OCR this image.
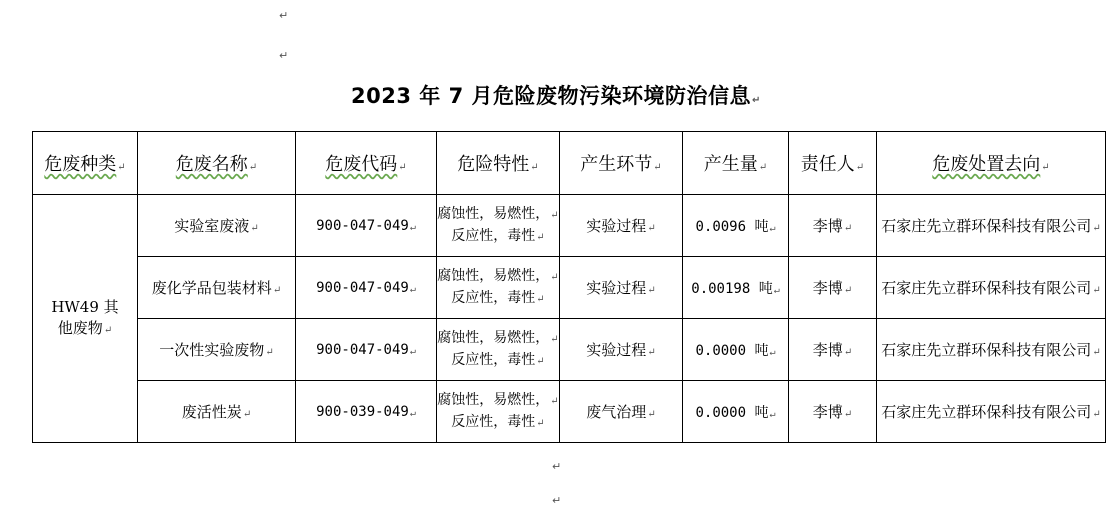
↵
↵
2023 年 7 月危险废物污染环境防治信息↵
危废种类↵	危废名称↵	危废代码↵	危险特性↵	产生环节↵	产生量↵	责任人↵	危废处置去向↵
HW49 其
他废物↵	实验室废液↵	900-047-049↵	腐蚀性，易燃性，↵
反应性，毒性↵	实验过程↵	0.0096 吨↵	李博↵	石家庄先立群环保科技有限公司↵
	废化学品包装材料↵	900-047-049↵	腐蚀性，易燃性，↵
反应性，毒性↵	实验过程↵	0.00198 吨↵	李博↵	石家庄先立群环保科技有限公司↵
	一次性实验废物↵	900-047-049↵	腐蚀性，易燃性，↵
反应性，毒性↵	实验过程↵	0.0000 吨↵	李博↵	石家庄先立群环保科技有限公司↵
	废活性炭↵	900-039-049↵	腐蚀性，易燃性，↵
反应性，毒性↵	废气治理↵	0.0000 吨↵	李博↵	石家庄先立群环保科技有限公司↵
↵
↵
